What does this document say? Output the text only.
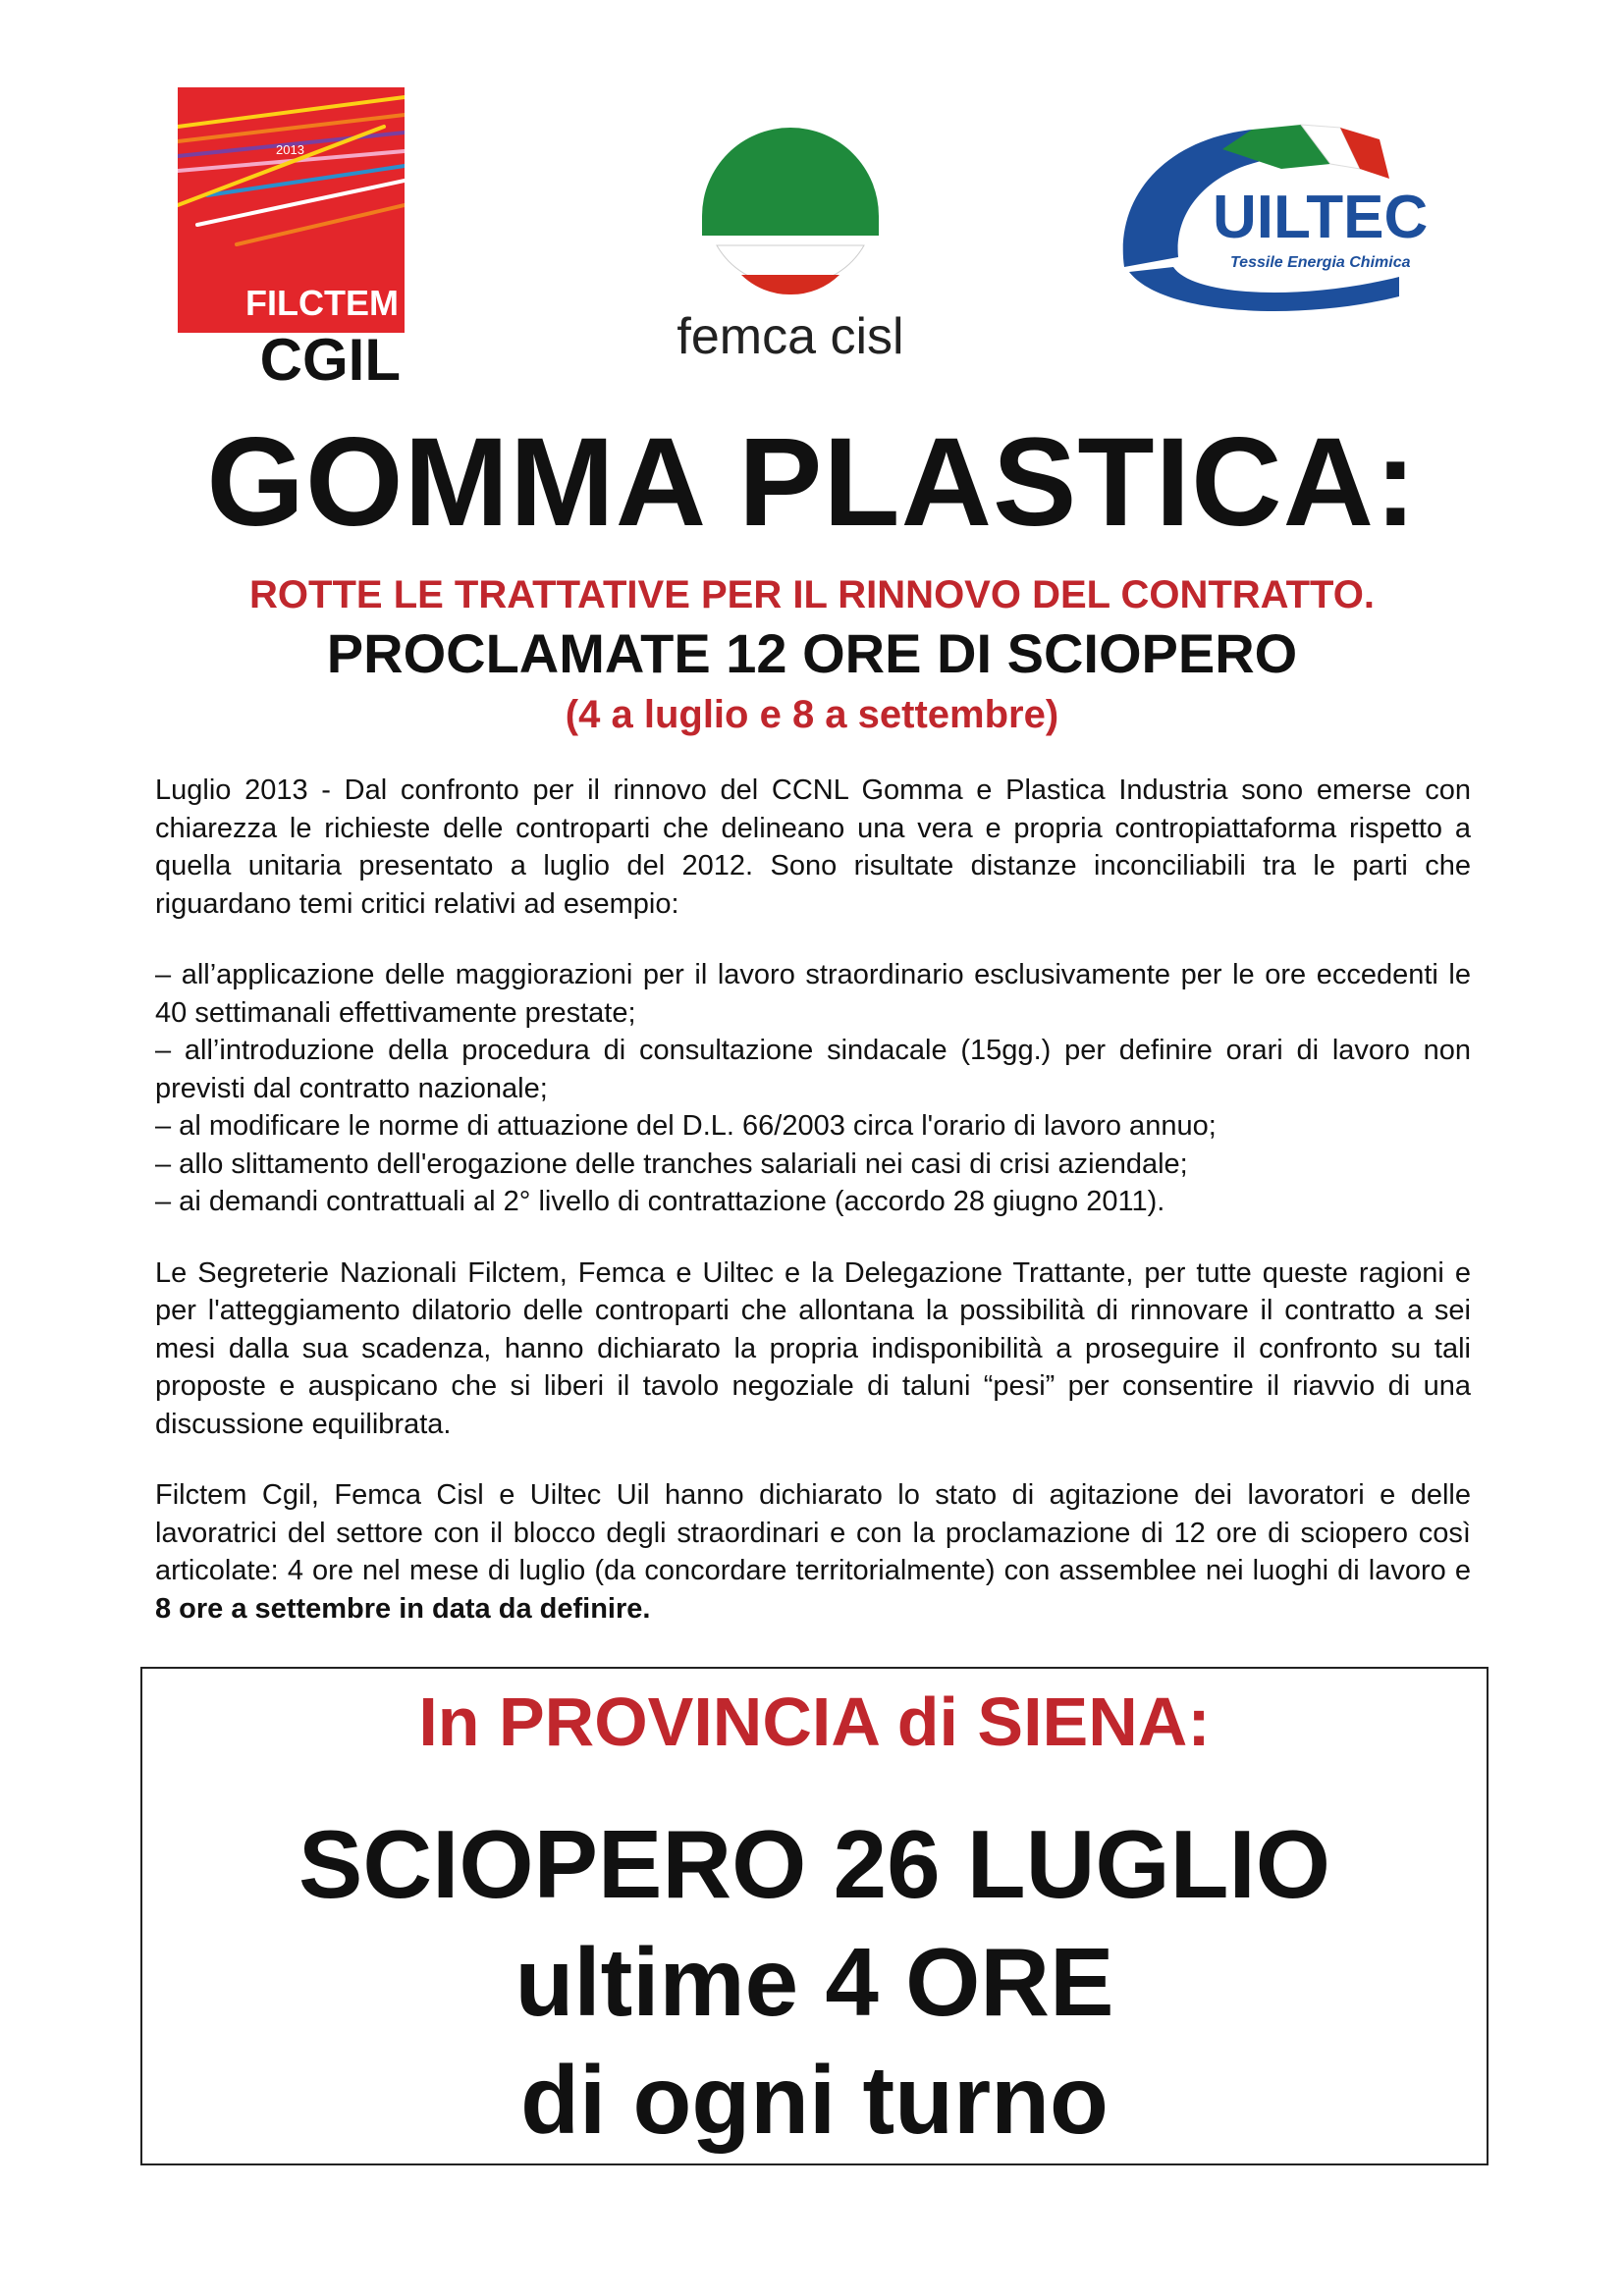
2013
FILCTEM
CGIL	femca cisl
UILTEC
Tessile Energia Chimica
GOMMA PLASTICA:
ROTTE LE TRATTATIVE PER IL RINNOVO DEL CONTRATTO.
PROCLAMATE 12 ORE DI SCIOPERO
(4 a luglio e 8 a settembre)

Luglio 2013 - Dal confronto per il rinnovo del CCNL Gomma e Plastica Industria sono emerse con chiarezza le richieste delle controparti che delineano una vera e propria contropiattaforma rispetto a quella unitaria presentato a luglio del 2012. Sono risultate distanze inconciliabili tra le parti che riguardano temi critici relativi ad esempio:

– all’applicazione delle maggiorazioni per il lavoro straordinario esclusivamente per le ore eccedenti le 40 settimanali effettivamente prestate;

– all’introduzione della procedura di consultazione sindacale (15gg.) per definire orari di lavoro non previsti dal contratto nazionale;

– al modificare le norme di attuazione del D.L. 66/2003 circa l'orario di lavoro annuo;

– allo slittamento dell'erogazione delle tranches salariali nei casi di crisi aziendale;

– ai demandi contrattuali al 2° livello di contrattazione (accordo 28 giugno 2011).

Le Segreterie Nazionali Filctem, Femca e Uiltec e la Delegazione Trattante, per tutte queste ragioni e per l'atteggiamento dilatorio delle controparti che allontana la possibilità di rinnovare il contratto a sei mesi dalla sua scadenza, hanno dichiarato la propria indisponibilità a proseguire il confronto su tali proposte e auspicano che si liberi il tavolo negoziale di taluni “pesi” per consentire il riavvio di una discussione equilibrata.

Filctem Cgil, Femca Cisl e Uiltec Uil hanno dichiarato lo stato di agitazione dei lavoratori e delle lavoratrici del settore con il blocco degli straordinari e con la proclamazione di 12 ore di sciopero così articolate: 4 ore nel mese di luglio (da concordare territorialmente) con assemblee nei luoghi di lavoro e 8 ore a settembre in data da definire.

In PROVINCIA di SIENA:
SCIOPERO 26 LUGLIO
ultime 4 ORE
di ogni turno
